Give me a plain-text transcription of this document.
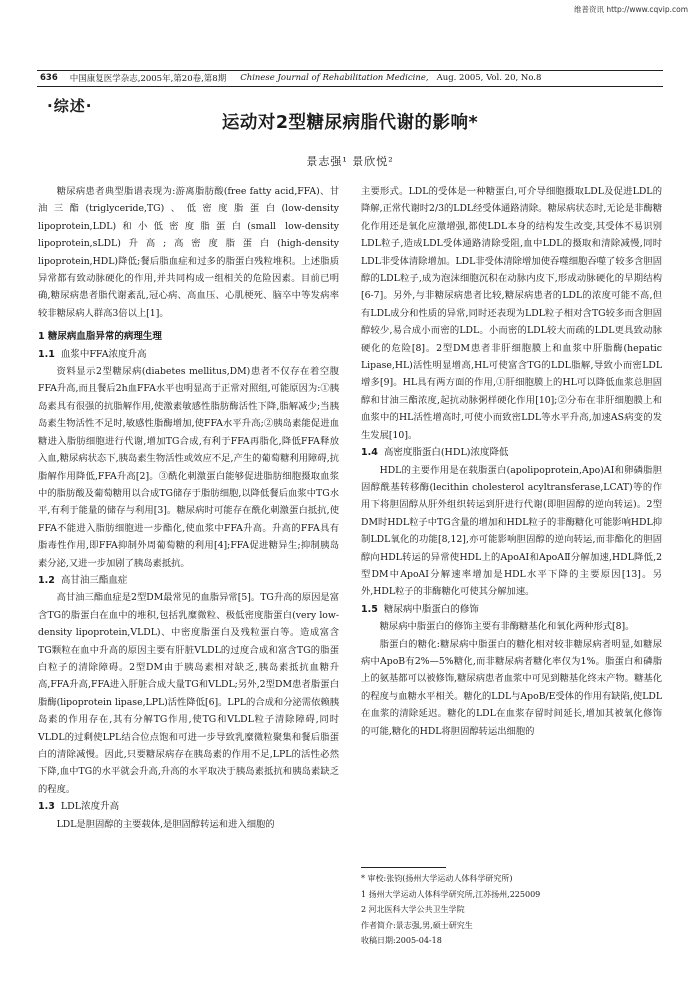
维普资讯 http://www.cqvip.com
636 中国康复医学杂志,2005年,第20卷,第8期 Chinese Journal of Rehabilitation Medicine, Aug. 2005, Vol. 20, No.8
·综述·
运动对2型糖尿病脂代谢的影响*
景志强¹ 景欣悦²

糖尿病患者典型脂谱表现为:游离脂肪酸(free fatty acid,FFA)、甘油三酯(triglyceride,TG)、低密度脂蛋白(low-density lipoprotein,LDL)和小低密度脂蛋白(small low-density lipoprotein,sLDL)升高;高密度脂蛋白(high-density lipoprotein,HDL)降低;餐后脂血症和过多的脂蛋白残粒堆积。上述脂质异常都有致动脉硬化的作用,并共同构成一组相关的危险因素。目前已明确,糖尿病患者脂代谢紊乱,冠心病、高血压、心肌梗死、脑卒中等发病率较非糖尿病人群高3倍以上[1]。

1 糖尿病血脂异常的病理生理
1.1 血浆中FFA浓度升高

资料显示2型糖尿病(diabetes mellitus,DM)患者不仅存在着空腹FFA升高,而且餐后2h血FFA水平也明显高于正常对照组,可能原因为:①胰岛素具有很强的抗脂解作用,使激素敏感性脂肪酶活性下降,脂解减少;当胰岛素生物活性不足时,敏感性脂酶增加,使FFA水平升高;②胰岛素能促进血糖进入脂肪细胞进行代谢,增加TG合成,有利于FFA再脂化,降低FFA释放入血,糖尿病状态下,胰岛素生物活性或效应不足,产生的葡萄糖利用障碍,抗脂解作用降低,FFA升高[2]。③酰化刺激蛋白能够促进脂肪细胞摄取血浆中的脂肪酸及葡萄糖用以合成TG储存于脂肪细胞,以降低餐后血浆中TG水平,有利于能量的储存与利用[3]。糖尿病时可能存在酰化刺激蛋白抵抗,使FFA不能进入脂肪细胞进一步酯化,使血浆中FFA升高。升高的FFA具有脂毒性作用,即FFA抑制外周葡萄糖的利用[4];FFA促进糖异生;抑制胰岛素分泌,又进一步加剧了胰岛素抵抗。

1.2 高甘油三酯血症

高甘油三酯血症是2型DM最常见的血脂异常[5]。TG升高的原因是富含TG的脂蛋白在血中的堆积,包括乳糜微粒、极低密度脂蛋白(very low-density lipoprotein,VLDL)、中密度脂蛋白及残粒蛋白等。造成富含TG颗粒在血中升高的原因主要有肝脏VLDL的过度合成和富含TG的脂蛋白粒子的清除障碍。2型DM由于胰岛素相对缺乏,胰岛素抵抗血糖升高,FFA升高,FFA进入肝脏合成大量TG和VLDL;另外,2型DM患者脂蛋白脂酶(lipoprotein lipase,LPL)活性降低[6]。LPL的合成和分泌需依赖胰岛素的作用存在,其有分解TG作用,使TG和VLDL粒子清除障碍,同时VLDL的过剩使LPL结合位点饱和可进一步导致乳糜微粒聚集和餐后脂蛋白的清除减慢。因此,只要糖尿病存在胰岛素的作用不足,LPL的活性必然下降,血中TG的水平就会升高,升高的水平取决于胰岛素抵抗和胰岛素缺乏的程度。

1.3 LDL浓度升高

LDL是胆固醇的主要载体,是胆固醇转运和进入细胞的

主要形式。LDL的受体是一种糖蛋白,可介导细胞摄取LDL及促进LDL的降解,正常代谢时2/3的LDL经受体通路清除。糖尿病状态时,无论是非酶糖化作用还是氧化应激增强,都使LDL本身的结构发生改变,其受体不易识别LDL粒子,造成LDL受体通路清除受阻,血中LDL的摄取和清除减慢,同时LDL非受体清除增加。LDL非受体清除增加使吞噬细胞吞噬了较多含胆固醇的LDL粒子,成为泡沫细胞沉积在动脉内皮下,形成动脉硬化的早期结构[6-7]。另外,与非糖尿病患者比较,糖尿病患者的LDL的浓度可能不高,但有LDL成分和性质的异常,同时还表现为LDL粒子相对含TG较多而含胆固醇较少,易合成小而密的LDL。小而密的LDL较大而疏的LDL更具致动脉硬化的危险[8]。2型DM患者非肝细胞膜上和血浆中肝脂酶(hepatic Lipase,HL)活性明显增高,HL可使富含TG的LDL脂解,导致小而密LDL增多[9]。HL具有两方面的作用,①肝细胞膜上的HL可以降低血浆总胆固醇和甘油三酯浓度,起抗动脉粥样硬化作用[10];②分布在非肝细胞膜上和血浆中的HL活性增高时,可使小而致密LDL等水平升高,加速AS病变的发生发展[10]。

1.4 高密度脂蛋白(HDL)浓度降低

HDL的主要作用是在载脂蛋白(apolipoprotein,Apo)AI和卵磷脂胆固醇酰基转移酶(lecithin cholesterol acyltransferase,LCAT)等的作用下将胆固醇从肝外组织转运到肝进行代谢(即胆固醇的逆向转运)。2型DM时HDL粒子中TG含量的增加和HDL粒子的非酶糖化可能影响HDL抑制LDL氧化的功能[8,12],亦可能影响胆固醇的逆向转运,而非酯化的胆固醇向HDL转运的异常使HDL上的ApoAI和ApoAⅡ分解加速,HDL降低,2型DM中ApoAI分解速率增加是HDL水平下降的主要原因[13]。另外,HDL粒子的非酶糖化可使其分解加速。

1.5 糖尿病中脂蛋白的修饰

糖尿病中脂蛋白的修饰主要有非酶糖基化和氧化两种形式[8]。

脂蛋白的糖化:糖尿病中脂蛋白的糖化相对较非糖尿病者明显,如糖尿病中ApoB有2%—5%糖化,而非糖尿病者糖化率仅为1%。脂蛋白和磷脂上的氨基都可以被修饰,糖尿病患者血浆中可见到糖基化终末产物。糖基化的程度与血糖水平相关。糖化的LDL与ApoB/E受体的作用有缺陷,使LDL在血浆的清除延迟。糖化的LDL在血浆存留时间延长,增加其被氧化修饰的可能,糖化的HDL将胆固醇转运出细胞的

* 审校:张钧(扬州大学运动人体科学研究所)
1 扬州大学运动人体科学研究所,江苏扬州,225009
2 河北医科大学公共卫生学院
作者简介:景志强,男,硕士研究生
收稿日期:2005-04-18
